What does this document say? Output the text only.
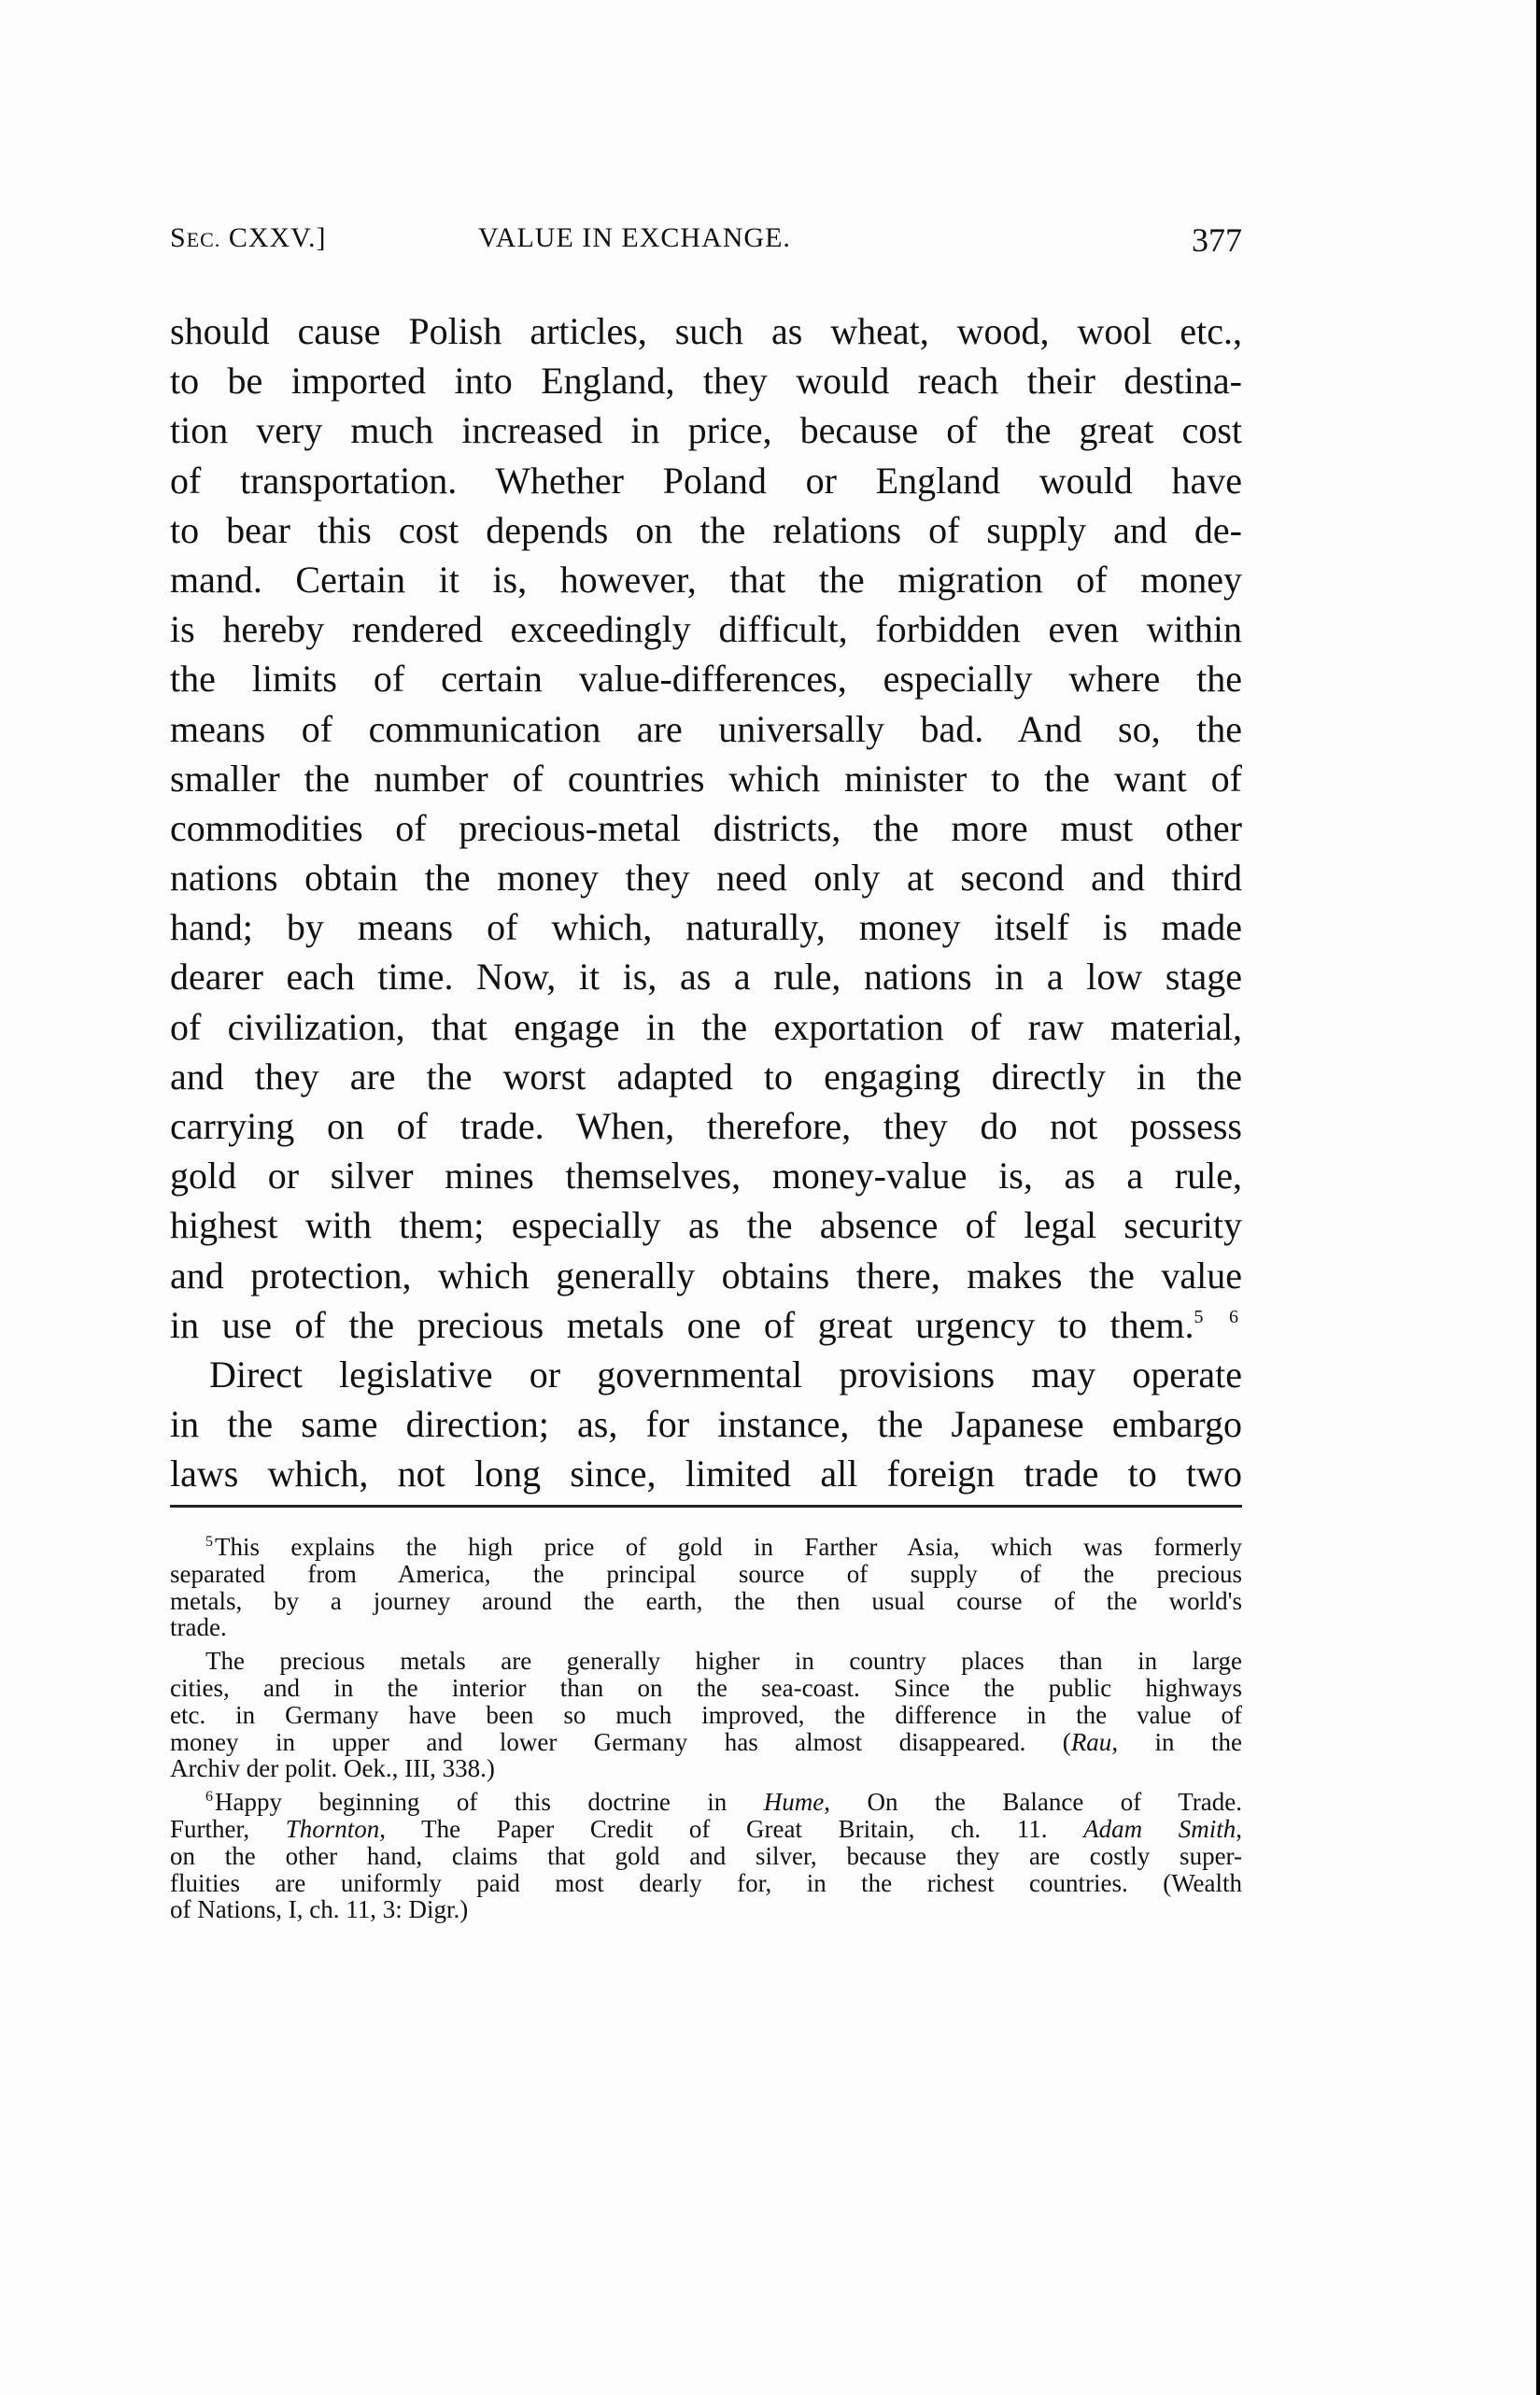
SEC. CXXV.]	VALUE IN EXCHANGE.	377
should cause Polish articles, such as wheat, wood, wool etc.,
to be imported into England, they would reach their destina-
tion very much increased in price, because of the great cost
of transportation. Whether Poland or England would have
to bear this cost depends on the relations of supply and de-
mand. Certain it is, however, that the migration of money
is hereby rendered exceedingly difficult, forbidden even within
the limits of certain value-differences, especially where the
means of communication are universally bad. And so, the
smaller the number of countries which minister to the want of
commodities of precious-metal districts, the more must other
nations obtain the money they need only at second and third
hand; by means of which, naturally, money itself is made
dearer each time. Now, it is, as a rule, nations in a low stage
of civilization, that engage in the exportation of raw material,
and they are the worst adapted to engaging directly in the
carrying on of trade. When, therefore, they do not possess
gold or silver mines themselves, money-value is, as a rule,
highest with them; especially as the absence of legal security
and protection, which generally obtains there, makes the value
in use of the precious metals one of great urgency to them.$^{5 6}$
Direct legislative or governmental provisions may operate
in the same direction; as, for instance, the Japanese embargo
laws which, not long since, limited all foreign trade to two
$^5$This explains the high price of gold in Farther Asia, which was formerly
separated from America, the principal source of supply of the precious
metals, by a journey around the earth, the then usual course of the world's
trade.
The precious metals are generally higher in country places than in large
cities, and in the interior than on the sea-coast. Since the public highways
etc. in Germany have been so much improved, the difference in the value of
money in upper and lower Germany has almost disappeared. (Rau, in the
Archiv der polit. Oek., III, 338.)
$^6$Happy beginning of this doctrine in Hume, On the Balance of Trade.
Further, Thornton, The Paper Credit of Great Britain, ch. 11. Adam Smith,
on the other hand, claims that gold and silver, because they are costly super-
fluities are uniformly paid most dearly for, in the richest countries. (Wealth
of Nations, I, ch. 11, 3: Digr.)
